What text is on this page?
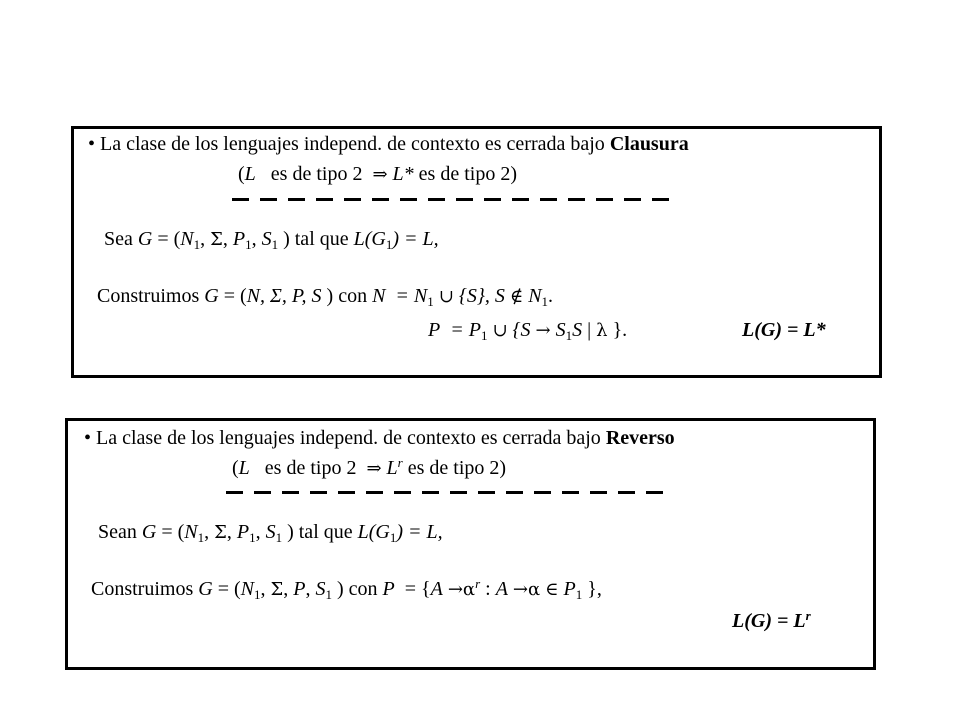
• La clase de los lenguajes independ. de contexto es cerrada bajo Clausura
(L es de tipo 2 ⇒ L* es de tipo 2)
Sea $G = (N_1$, Σ, $P_1$, $S_1$ ) tal que $L(G_1) = L$,
Construimos G = (N, Σ, P, S ) con $N = N_1$ ∪ {S}, S ∉ $N_1$.
$P = P_1$ ∪ {$S \to S_1S$ | λ }.	L(G) = L*
• La clase de los lenguajes independ. de contexto es cerrada bajo Reverso
(L es de tipo 2 ⇒ $L^r$ es de tipo 2)
Sean $G = (N_1$, Σ, $P_1$, $S_1$ ) tal que $L(G_1) = L$,
Construimos $G = (N_1$, Σ, P, $S_1$ ) con $P = \{A \to\alpha^r$ : A →α ∈ $P_1$ },
$L(G) = L^r$
